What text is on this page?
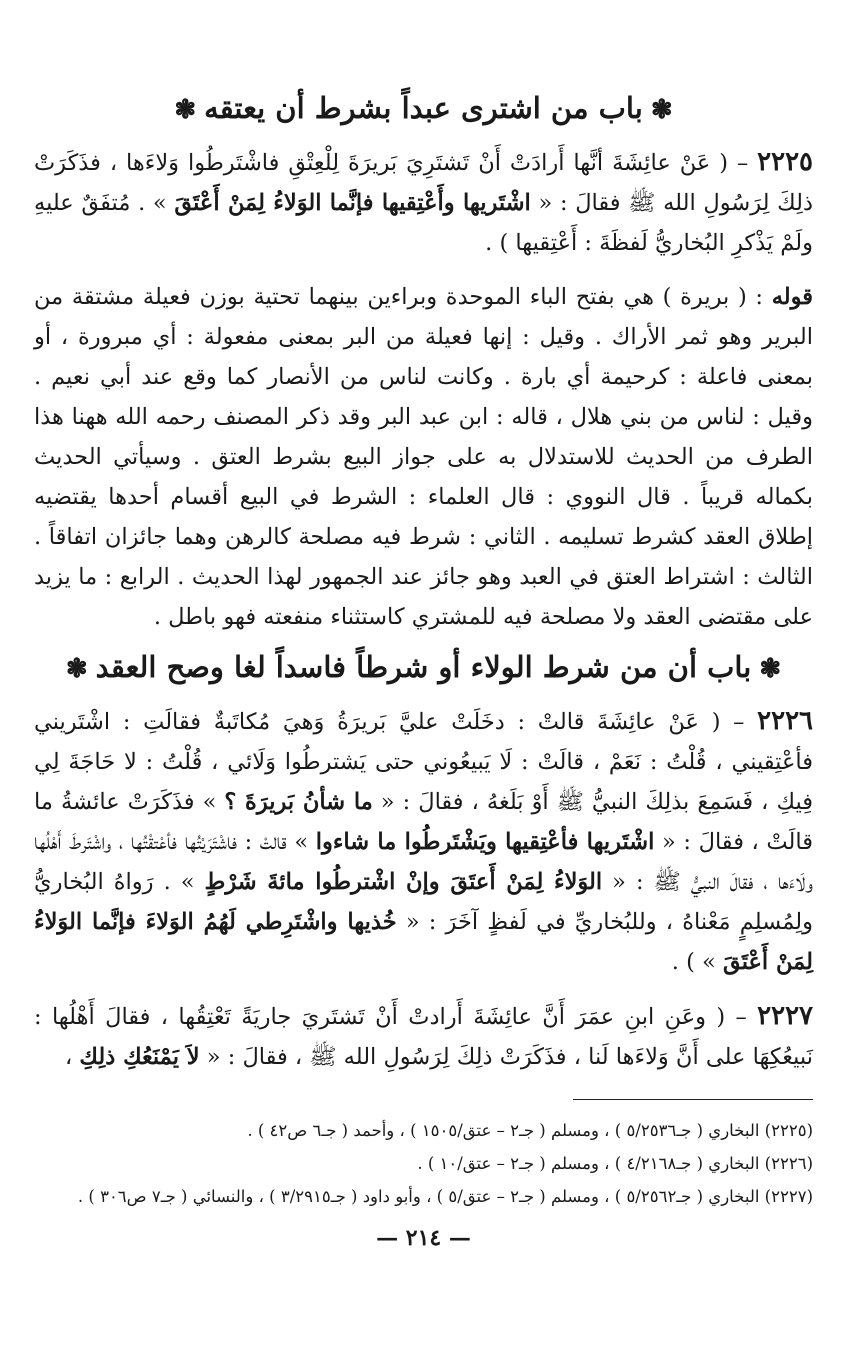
❃باب من اشترى عبداً بشرط أن يعتقه❃

٢٢٢٥ – ( عَنْ عائِشَةَ أنَّها أَرادَتْ أَنْ تَشتَرِيَ بَريرَةَ لِلْعِتْقِ فاشْتَرطُوا وَلاءَها ، فذَكَرَتْ ذلِكَ لِرَسُولِ الله ﷺ فقالَ : « اشْتَريها وأَعْتِقيها فإنَّما الوَلاءُ لِمَنْ أَعْتَقَ » . مُتفَقٌ عليهِ ولَمْ يَذْكرِ البُخاريُّ لَفظَةَ : أَعْتِقيها ) .

قوله : ( بريرة ) هي بفتح الباء الموحدة وبراءين بينهما تحتية بوزن فعيلة مشتقة من البرير وهو ثمر الأراك . وقيل : إنها فعيلة من البر بمعنى مفعولة : أي مبرورة ، أو بمعنى فاعلة : كرحيمة أي بارة . وكانت لناس من الأنصار كما وقع عند أبي نعيم . وقيل : لناس من بني هلال ، قاله : ابن عبد البر وقد ذكر المصنف رحمه الله ههنا هذا الطرف من الحديث للاستدلال به على جواز البيع بشرط العتق . وسيأتي الحديث بكماله قريباً . قال النووي : قال العلماء : الشرط في البيع أقسام أحدها يقتضيه إطلاق العقد كشرط تسليمه . الثاني : شرط فيه مصلحة كالرهن وهما جائزان اتفاقاً . الثالث : اشتراط العتق في العبد وهو جائز عند الجمهور لهذا الحديث . الرابع : ما يزيد على مقتضى العقد ولا مصلحة فيه للمشتري كاستثناء منفعته فهو باطل .

❃باب أن من شرط الولاء أو شرطاً فاسداً لغا وصح العقد❃

٢٢٢٦ – ( عَنْ عائِشَةَ قالتْ : دخَلَتْ عليَّ بَريرَةُ وَهيَ مُكاتَبةٌ فقالَتِ : اشْتَريني فأعْتِقيني ، قُلْتُ : نَعَمْ ، قالَتْ : لَا يَبيعُوني حتى يَشترطُوا وَلَائي ، قُلْتُ : لا حَاجَةَ لِي فِيكِ ، فَسَمِعَ بذلِكَ النبيُّ ﷺ أَوْ بَلَغهُ ، فقالَ : « ما شأنُ بَريرَةَ ؟ » فذَكَرَتْ عائشةُ ما قالَتْ ، فقالَ : « اشْتَريها فأعْتِقيها ويَشْتَرطُوا ما شاءوا » قالتْ : فاشْتَرَيْتُها فأعْتقْتُها ، واشْتَرطَ أَهْلُها ولَاءَها ، فقالَ النبيُّ ﷺ : « الوَلاءُ لِمَنْ أَعتَقَ وإنْ اشْترطُوا مائةَ شَرْطٍ » . رَواهُ البُخاريُّ ولِمُسلِمٍ مَعْناهُ ، وللبُخاريِّ في لَفظٍ آخَرَ : « خُذيها واشْتَرِطي لَهُمُ الوَلاءَ فإنَّما الوَلاءُ لِمَنْ أَعْتَقَ » ) .

٢٢٢٧ – ( وعَنِ ابنِ عمَرَ أَنَّ عائِشَةَ أَرادتْ أَنْ تَشتَريَ جاريَةً تَعْتِقُها ، فقالَ أَهْلُها : نَبيعُكِهَا على أَنَّ وَلاءَها لَنا ، فذَكَرَتْ ذلِكَ لِرَسُولِ الله ﷺ ، فقالَ : « لاَ يَمْنَعُكِ ذلِكِ ،

(٢٢٢٥) البخاري ( جـ٥/٢٥٣٦ ) ، ومسلم ( جـ٢ – عتق/١٥٠٥ ) ، وأحمد ( جـ٦ ص٤٢ ) .

(٢٢٢٦) البخاري ( جـ٤/٢١٦٨ ) ، ومسلم ( جـ٢ – عتق/١٠ ) .

(٢٢٢٧) البخاري ( جـ٥/٢٥٦٢ ) ، ومسلم ( جـ٢ – عتق/٥ ) ، وأبو داود ( جـ٣/٢٩١٥ ) ، والنسائي ( جـ٧ ص٣٠٦ ) .

— ٢١٤ —
